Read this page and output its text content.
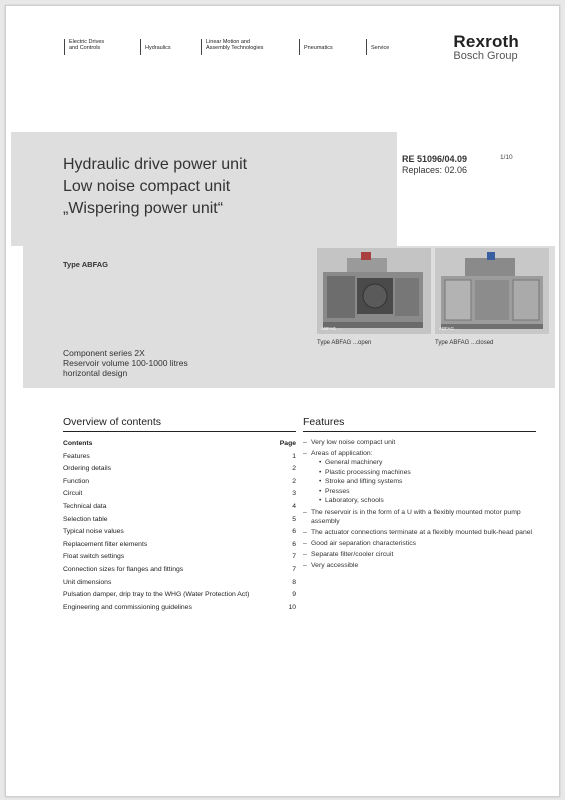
Electric Drives
and Controls	Hydraulics
Linear Motion and
Assembly Technologies	Pneumatics	Service	Rexroth
Bosch Group
Hydraulic drive power unit
Low noise compact unit
„Wispering power unit“
RE 51096/04.09
Replaces: 02.06
1/10
Type ABFAG
ABFAG ...	ABFAG ...
Type ABFAG ...open	Type ABFAG ...closed
Component series 2X
Reservoir volume 100-1000 litres
horizontal design
Overview of contents
Contents	Page
Features	1
Ordering details	2
Function	2
Circuit	3
Technical data	4
Selection table	5
Typical noise values	6
Replacement filter elements	6
Float switch settings	7
Connection sizes for flanges and fittings	7
Unit dimensions	8
Pulsation damper, drip tray to the WHG (Water Protection Act)	9
Engineering and commissioning guidelines	10
Features
– Very low noise compact unit
– Areas of application:
• General machinery
• Plastic processing machines
• Stroke and lifting systems
• Presses
• Laboratory, schools
– The reservoir is in the form of a U with a flexibly mounted motor pump assembly
– The actuator connections terminate at a flexibly mounted bulk-head panel
– Good air separation characteristics
– Separate filter/cooler circuit
– Very accessible
